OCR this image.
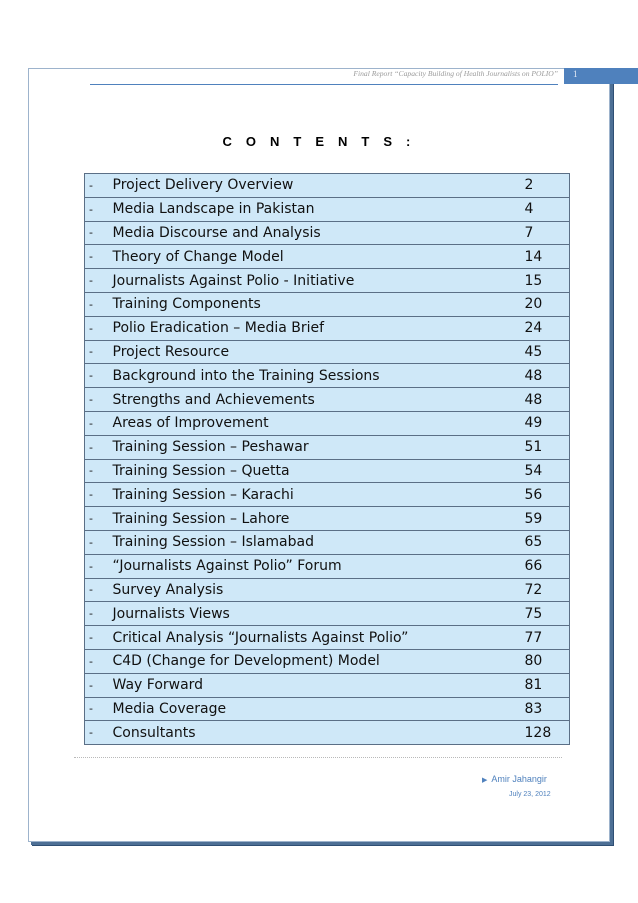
Final Report “Capacity Building of Health Journalists on POLIO” 1
C O N T E N T S :
-	Project Delivery Overview	2
-	Media Landscape in Pakistan	4
-	Media Discourse and Analysis	7
-	Theory of Change Model	14
-	Journalists Against Polio - Initiative	15
-	Training Components	20
-	Polio Eradication – Media Brief	24
-	Project Resource	45
-	Background into the Training Sessions	48
-	Strengths and Achievements	48
-	Areas of Improvement	49
-	Training Session – Peshawar	51
-	Training Session – Quetta	54
-	Training Session – Karachi	56
-	Training Session – Lahore	59
-	Training Session – Islamabad	65
-	“Journalists Against Polio” Forum	66
-	Survey Analysis	72
-	Journalists Views	75
-	Critical Analysis “Journalists Against Polio”	77
-	C4D (Change for Development) Model	80
-	Way Forward	81
-	Media Coverage	83
-	Consultants	128
▶ Amir Jahangir
July 23, 2012
